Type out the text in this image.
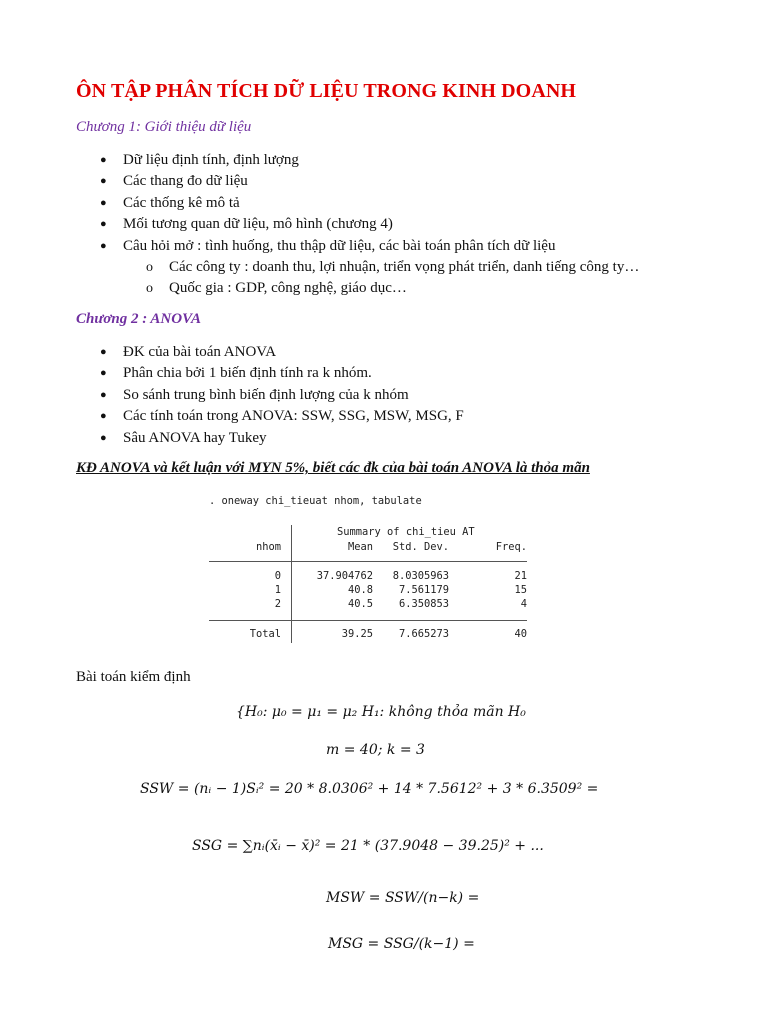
ÔN TẬP PHÂN TÍCH DỮ LIỆU TRONG KINH DOANH
Chương 1: Giới thiệu dữ liệu
● Dữ liệu định tính, định lượng
● Các thang đo dữ liệu
● Các thống kê mô tả
● Mối tương quan dữ liệu, mô hình (chương 4)
● Câu hỏi mở : tình huống, thu thập dữ liệu, các bài toán phân tích dữ liệu
o Các công ty : doanh thu, lợi nhuận, triển vọng phát triển, danh tiếng công ty…
o Quốc gia : GDP, công nghệ, giáo dục…
Chương 2 : ANOVA
● ĐK của bài toán ANOVA
● Phân chia bởi 1 biến định tính ra k nhóm.
● So sánh trung bình biến định lượng của k nhóm
● Các tính toán trong ANOVA: SSW, SSG, MSW, MSG, F
● Sâu ANOVA hay Tukey
KĐ ANOVA và kết luận với MYN 5%, biết các đk của bài toán ANOVA là thỏa mãn
. oneway chi_tieuat nhom, tabulate
Summary of chi_tieu AT
nhom	Mean	Std. Dev.	Freq.
0	37.904762	8.0305963	21
1	40.8	7.561179	15
2	40.5	6.350853	4
Total	39.25	7.665273	40
Bài toán kiểm định
{H₀: μ₀ = μ₁ = μ₂ H₁: không thỏa mãn H₀
m = 40; k = 3
SSW = (nᵢ − 1)Sᵢ² = 20 * 8.0306² + 14 * 7.5612² + 3 * 6.3509² =
SSG = ∑nᵢ(x̄ᵢ − x̄)² = 21 * (37.9048 − 39.25)² + ...
MSW = SSW/(n−k) =
MSG = SSG/(k−1) =
